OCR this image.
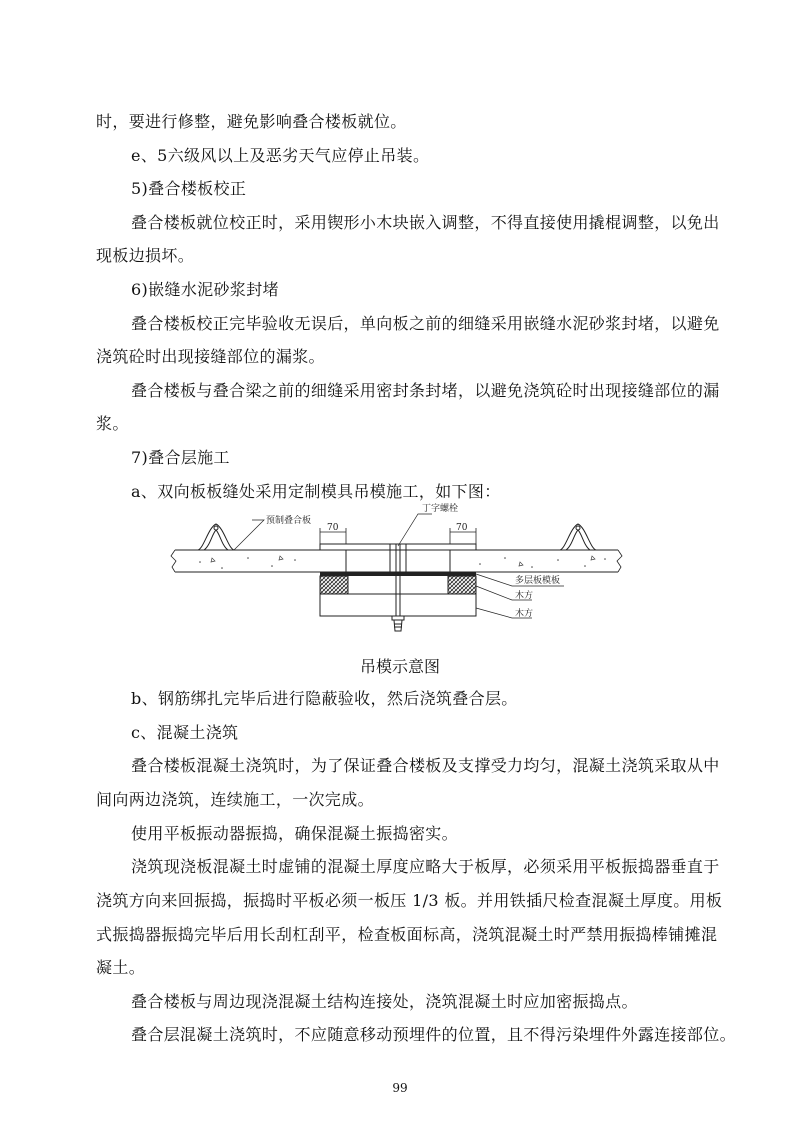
时，要进行修整，避免影响叠合楼板就位。
e、5六级风以上及恶劣天气应停止吊装。
5)叠合楼板校正
叠合楼板就位校正时，采用锲形小木块嵌入调整，不得直接使用撬棍调整，以免出
现板边损坏。
6)嵌缝水泥砂浆封堵
叠合楼板校正完毕验收无误后，单向板之前的细缝采用嵌缝水泥砂浆封堵，以避免
浇筑砼时出现接缝部位的漏浆。
叠合楼板与叠合梁之前的细缝采用密封条封堵，以避免浇筑砼时出现接缝部位的漏
浆。
7)叠合层施工
a、双向板板缝处采用定制模具吊模施工，如下图：
70	70
预制叠合板
丁字螺栓
多层板模板
木方
木方
吊模示意图
b、钢筋绑扎完毕后进行隐蔽验收，然后浇筑叠合层。
c、混凝土浇筑
叠合楼板混凝土浇筑时，为了保证叠合楼板及支撑受力均匀，混凝土浇筑采取从中
间向两边浇筑，连续施工，一次完成。
使用平板振动器振捣，确保混凝土振捣密实。
浇筑现浇板混凝土时虚铺的混凝土厚度应略大于板厚，必须采用平板振捣器垂直于
浇筑方向来回振捣，振捣时平板必须一板压 1/3 板。并用铁插尺检查混凝土厚度。用板
式振捣器振捣完毕后用长刮杠刮平，检查板面标高，浇筑混凝土时严禁用振捣棒铺摊混
凝土。
叠合楼板与周边现浇混凝土结构连接处，浇筑混凝土时应加密振捣点。
叠合层混凝土浇筑时，不应随意移动预埋件的位置，且不得污染埋件外露连接部位。
99
